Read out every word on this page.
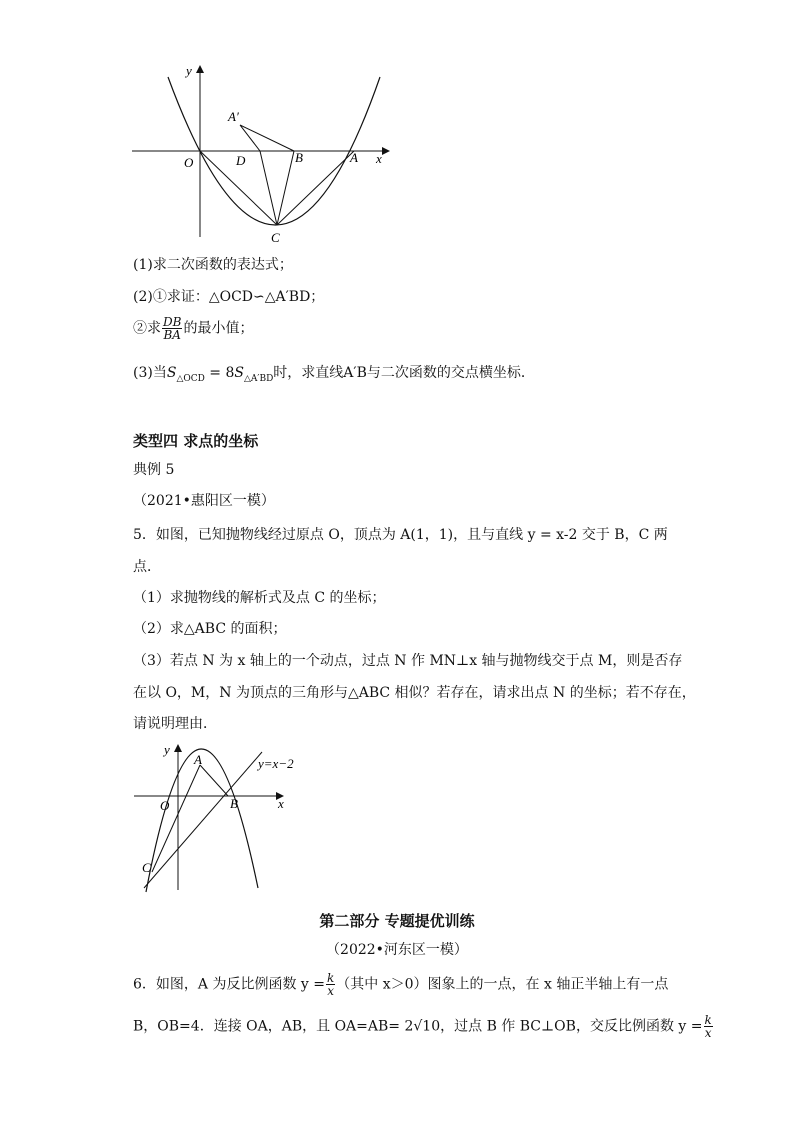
y
x
O
A′
D	B	A
C
(1)求二次函数的表达式；
(2)①求证：△OCD∽△A′BD；
②求 $\frac{DB}{BA}$ 的最小值；
(3)当$S_{\triangle OCD} = 8S_{\triangle A'BD}$时，求直线A′B与二次函数的交点横坐标．
类型四 求点的坐标
典例 5
（2021•惠阳区一模）
5．如图，已知抛物线经过原点 O，顶点为 A(1，1)，且与直线 y = x-2 交于 B，C 两
点．
（1）求抛物线的解析式及点 C 的坐标；
（2）求△ABC 的面积；
（3）若点 N 为 x 轴上的一个动点，过点 N 作 MN⊥x 轴与抛物线交于点 M，则是否存
在以 O，M，N 为顶点的三角形与△ABC 相似？若存在，请求出点 N 的坐标；若不存在，
请说明理由．
y
A	y=x−2
O	B	x
C
第二部分 专题提优训练
（2022•河东区一模）
6．如图，A 为反比例函数 $y = \frac{k}{x}$ （其中 x＞0）图象上的一点，在 x 轴正半轴上有一点
B，OB=4．连接 OA，AB，且 OA=AB= 2√10，过点 B 作 BC⊥OB，交反比例函数 $y = \frac{k}{x}$
